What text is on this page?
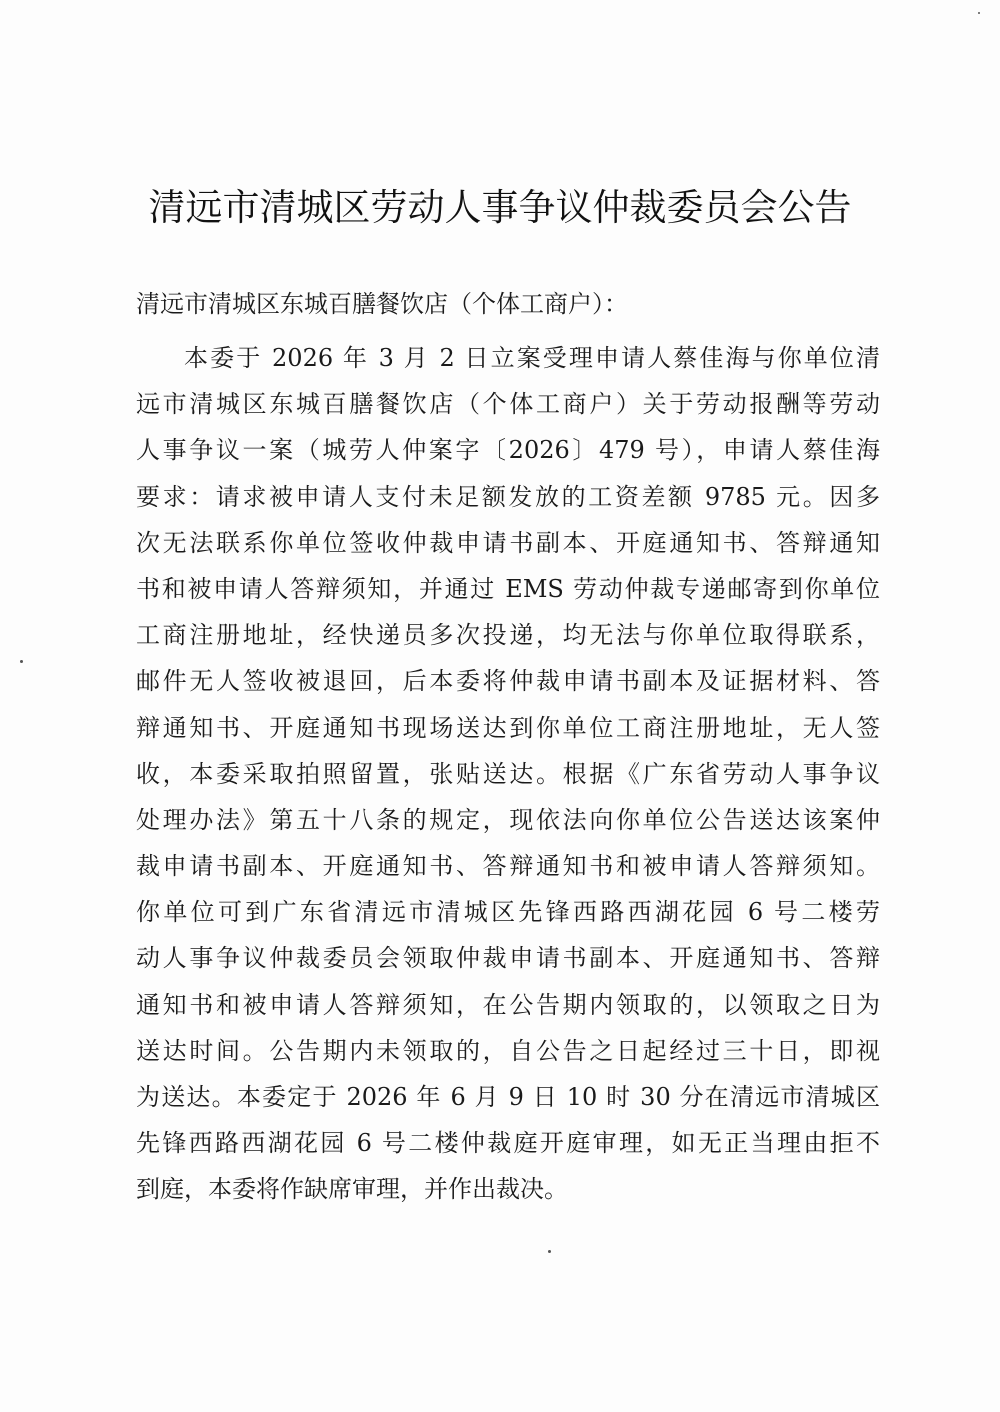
清远市清城区劳动人事争议仲裁委员会公告

清远市清城区东城百膳餐饮店（个体工商户）：

本委于 2026 年 3 月 2 日立案受理申请人蔡佳海与你单位清
远市清城区东城百膳餐饮店（个体工商户）关于劳动报酬等劳动
人事争议一案（城劳人仲案字〔2026〕479 号），申请人蔡佳海
要求：请求被申请人支付未足额发放的工资差额 9785 元。因多
次无法联系你单位签收仲裁申请书副本、开庭通知书、答辩通知
书和被申请人答辩须知，并通过 EMS 劳动仲裁专递邮寄到你单位
工商注册地址，经快递员多次投递，均无法与你单位取得联系，
邮件无人签收被退回，后本委将仲裁申请书副本及证据材料、答
辩通知书、开庭通知书现场送达到你单位工商注册地址，无人签
收，本委采取拍照留置，张贴送达。根据《广东省劳动人事争议
处理办法》第五十八条的规定，现依法向你单位公告送达该案仲
裁申请书副本、开庭通知书、答辩通知书和被申请人答辩须知。
你单位可到广东省清远市清城区先锋西路西湖花园 6 号二楼劳
动人事争议仲裁委员会领取仲裁申请书副本、开庭通知书、答辩
通知书和被申请人答辩须知，在公告期内领取的，以领取之日为
送达时间。公告期内未领取的，自公告之日起经过三十日，即视
为送达。本委定于 2026 年 6 月 9 日 10 时 30 分在清远市清城区
先锋西路西湖花园 6 号二楼仲裁庭开庭审理，如无正当理由拒不
到庭，本委将作缺席审理，并作出裁决。
